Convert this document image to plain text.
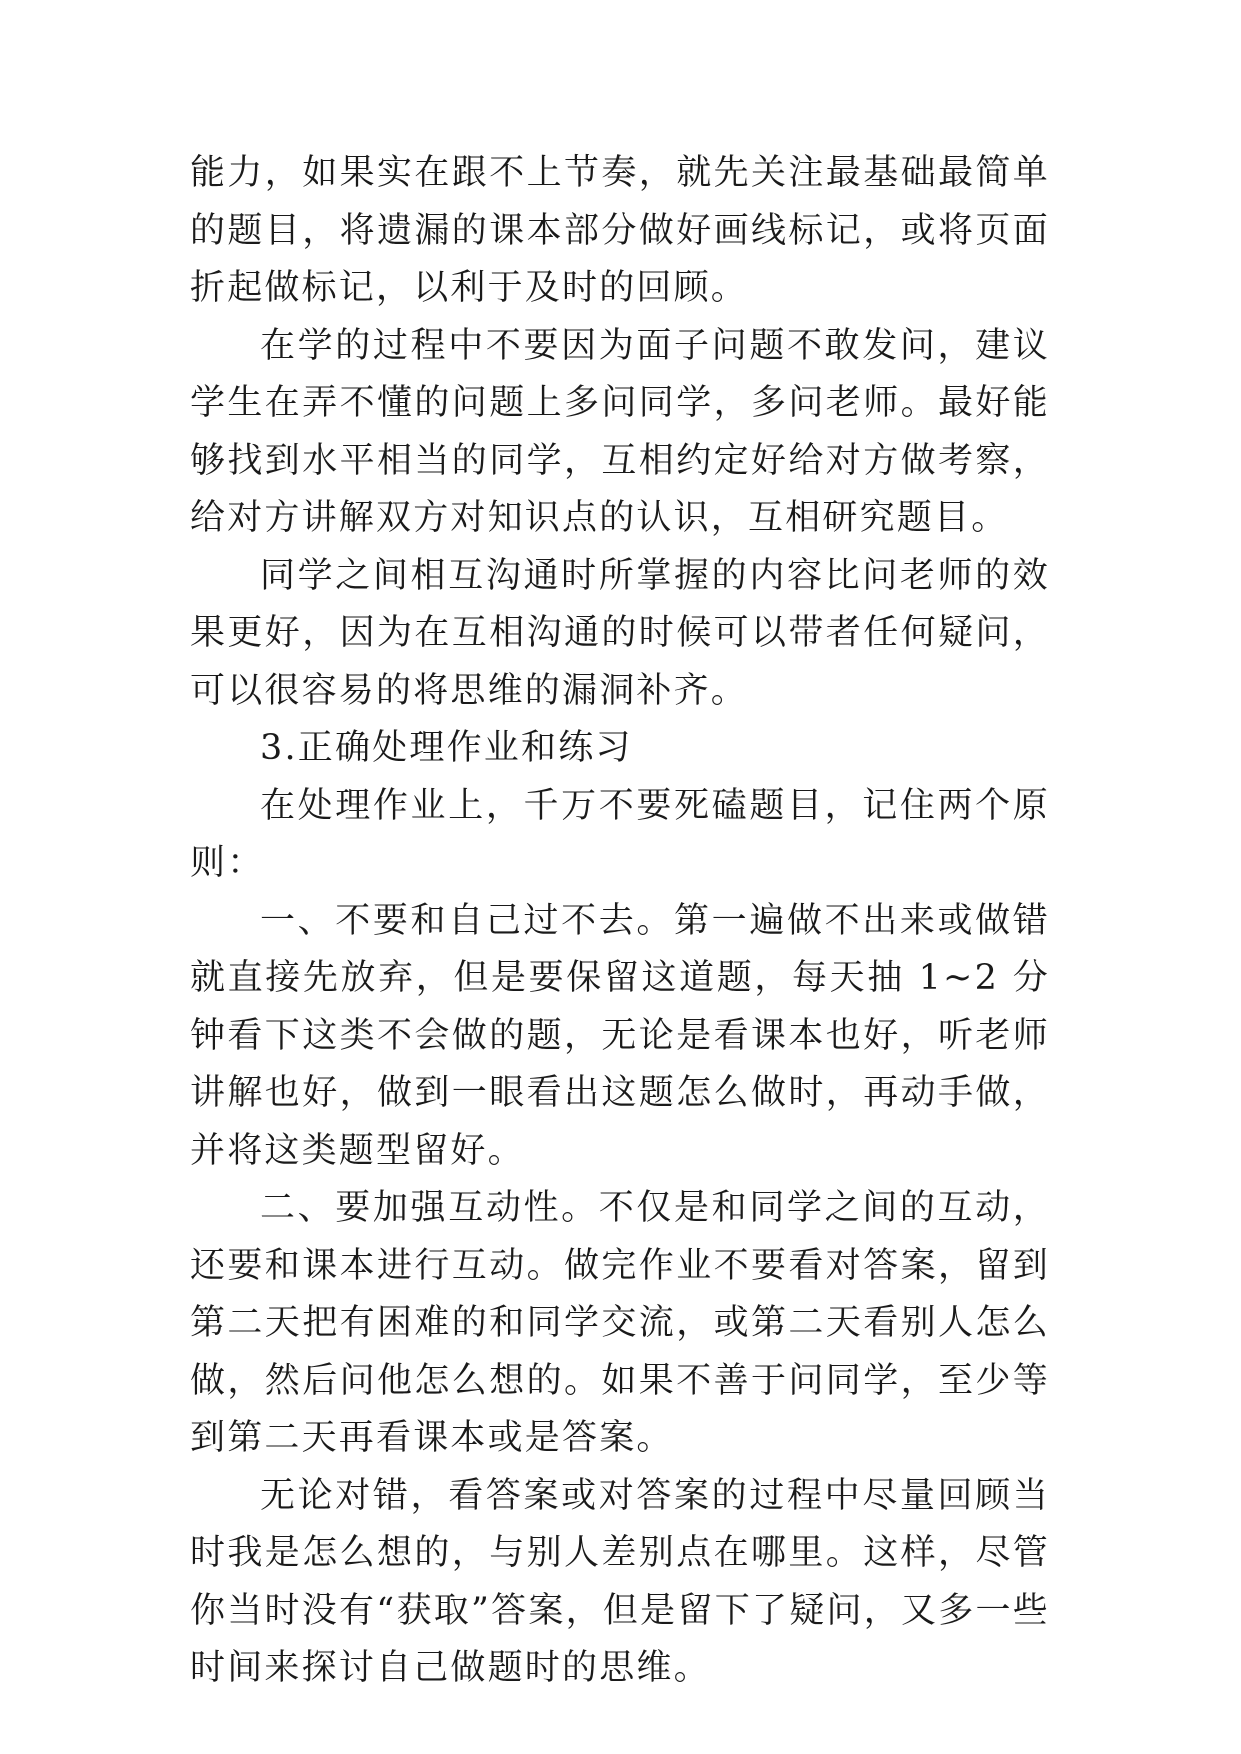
能力，如果实在跟不上节奏，就先关注最基础最简单的题目，将遗漏的课本部分做好画线标记，或将页面折起做标记，以利于及时的回顾。

在学的过程中不要因为面子问题不敢发问，建议学生在弄不懂的问题上多问同学，多问老师。最好能够找到水平相当的同学，互相约定好给对方做考察，给对方讲解双方对知识点的认识，互相研究题目。

同学之间相互沟通时所掌握的内容比问老师的效果更好，因为在互相沟通的时候可以带者任何疑问，可以很容易的将思维的漏洞补齐。

3.正确处理作业和练习

在处理作业上，千万不要死磕题目，记住两个原则：

一、不要和自己过不去。第一遍做不出来或做错就直接先放弃，但是要保留这道题，每天抽 1~2 分钟看下这类不会做的题，无论是看课本也好，听老师讲解也好，做到一眼看出这题怎么做时，再动手做，并将这类题型留好。

二、要加强互动性。不仅是和同学之间的互动，还要和课本进行互动。做完作业不要看对答案，留到第二天把有困难的和同学交流，或第二天看别人怎么做，然后问他怎么想的。如果不善于问同学，至少等到第二天再看课本或是答案。

无论对错，看答案或对答案的过程中尽量回顾当时我是怎么想的，与别人差别点在哪里。这样，尽管你当时没有“获取”答案，但是留下了疑问，又多一些时间来探讨自己做题时的思维。
